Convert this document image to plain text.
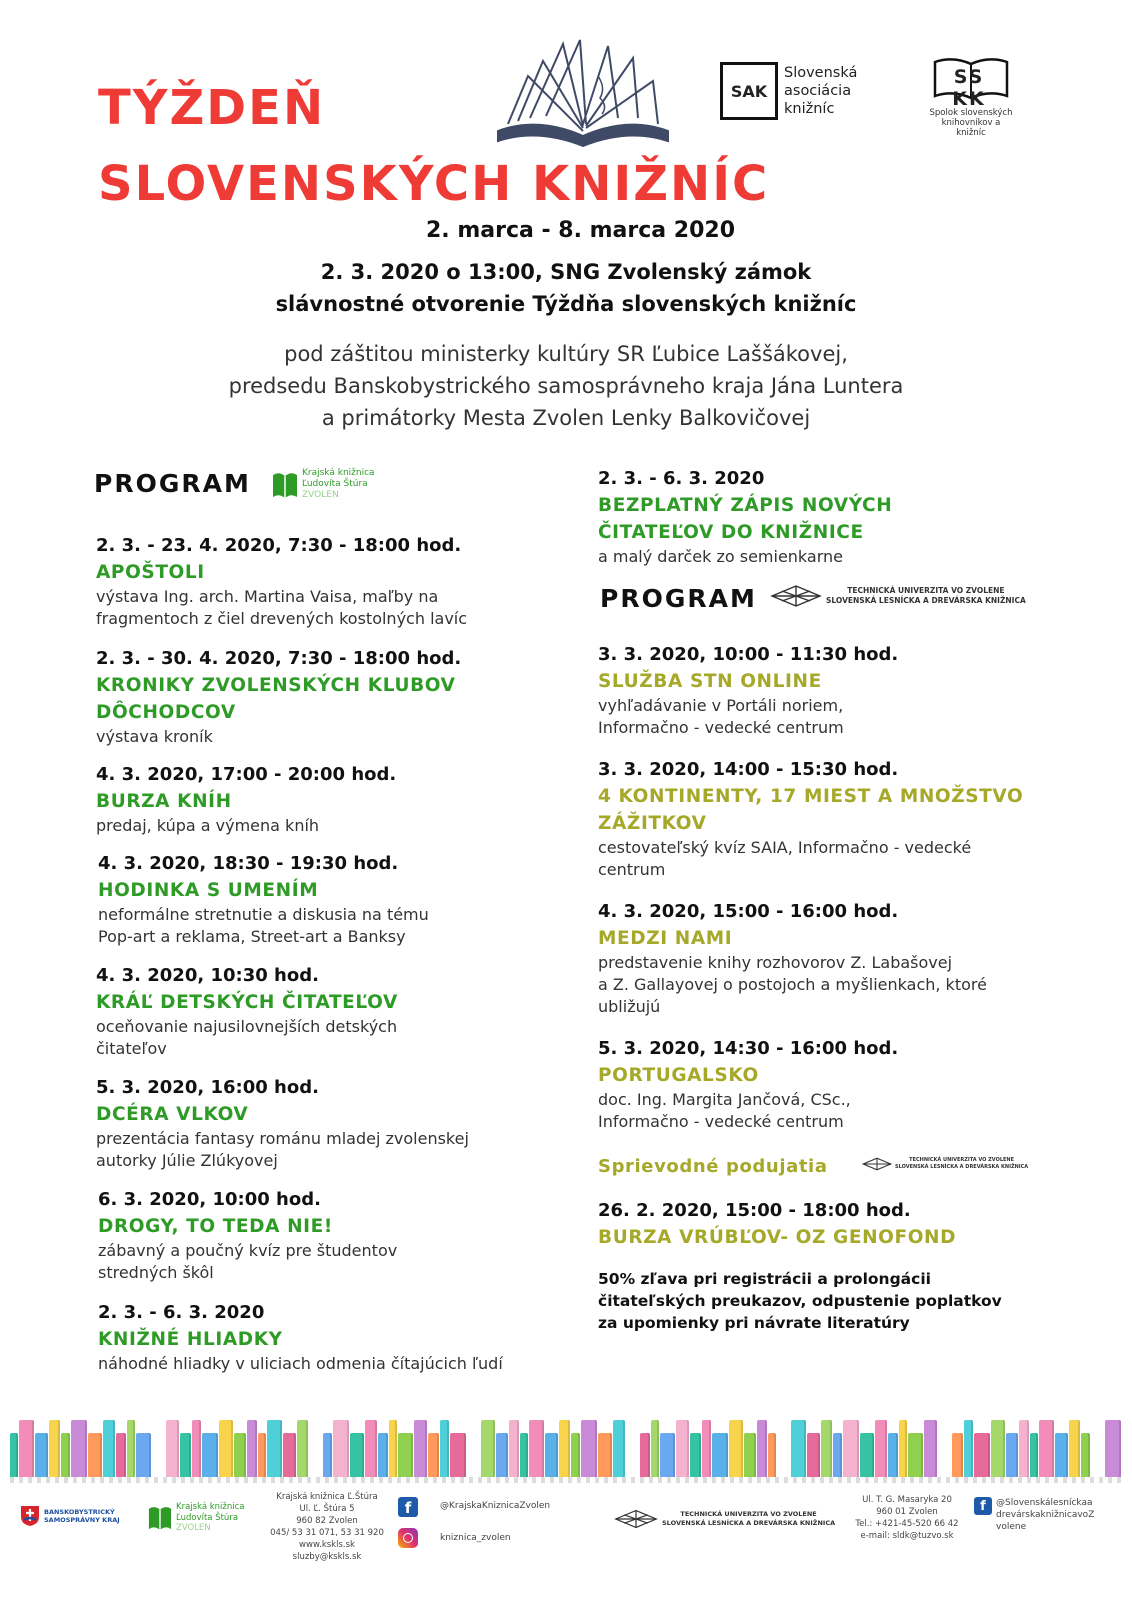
TÝŽDEŇ
SLOVENSKÝCH KNIŽNÍC
SAK
Slovenská
asociácia
knižníc
SS KK
Spolok slovenských
knihovníkov a knižníc
2. marca - 8. marca 2020
2. 3. 2020 o 13:00, SNG Zvolenský zámok
slávnostné otvorenie Týždňa slovenských knižníc
pod záštitou ministerky kultúry SR Ľubice Laššákovej,
predsedu Banskobystrického samosprávneho kraja Jána Luntera
a primátorky Mesta Zvolen Lenky Balkovičovej
PROGRAM	Krajská knižnica
Ľudovíta Štúra
ZVOLEN
2. 3. - 23. 4. 2020, 7:30 - 18:00 hod.
APOŠTOLI
výstava Ing. arch. Martina Vaisa, maľby na
fragmentoch z čiel drevených kostolných lavíc
2. 3. - 30. 4. 2020, 7:30 - 18:00 hod.
KRONIKY ZVOLENSKÝCH KLUBOV
DÔCHODCOV
výstava kroník
4. 3. 2020, 17:00 - 20:00 hod.
BURZA KNÍH
predaj, kúpa a výmena kníh
4. 3. 2020, 18:30 - 19:30 hod.
HODINKA S UMENÍM
neformálne stretnutie a diskusia na tému
Pop-art a reklama, Street-art a Banksy
4. 3. 2020, 10:30 hod.
KRÁĽ DETSKÝCH ČITATEĽOV
oceňovanie najusilovnejších detských
čitateľov
5. 3. 2020, 16:00 hod.
DCÉRA VLKOV
prezentácia fantasy románu mladej zvolenskej
autorky Júlie Zlúkyovej
6. 3. 2020, 10:00 hod.
DROGY, TO TEDA NIE!
zábavný a poučný kvíz pre študentov
stredných škôl
2. 3. - 6. 3. 2020
KNIŽNÉ HLIADKY
náhodné hliadky v uliciach odmenia čítajúcich ľudí
2. 3. - 6. 3. 2020
BEZPLATNÝ ZÁPIS NOVÝCH
ČITATEĽOV DO KNIŽNICE
a malý darček zo semienkarne
PROGRAM	TECHNICKÁ UNIVERZITA VO ZVOLENE
SLOVENSKÁ LESNÍCKA A DREVÁRSKA KNIŽNICA
3. 3. 2020, 10:00 - 11:30 hod.
SLUŽBA STN ONLINE
vyhľadávanie v Portáli noriem,
Informačno - vedecké centrum
3. 3. 2020, 14:00 - 15:30 hod.
4 KONTINENTY, 17 MIEST A MNOŽSTVO
ZÁŽITKOV
cestovateľský kvíz SAIA, Informačno - vedecké
centrum
4. 3. 2020, 15:00 - 16:00 hod.
MEDZI NAMI
predstavenie knihy rozhovorov Z. Labašovej
a Z. Gallayovej o postojoch a myšlienkach, ktoré
ubližujú
5. 3. 2020, 14:30 - 16:00 hod.
PORTUGALSKO
doc. Ing. Margita Jančová, CSc.,
Informačno - vedecké centrum
Sprievodné podujatia	TECHNICKÁ UNIVERZITA VO ZVOLENE
SLOVENSKÁ LESNÍCKA A DREVÁRSKA KNIŽNICA
26. 2. 2020, 15:00 - 18:00 hod.
BURZA VRÚBĽOV- OZ GENOFOND
50% zľava pri registrácii a prolongácii
čitateľských preukazov, odpustenie poplatkov
za upomienky pri návrate literatúry
BANSKOBYSTRICKÝ
SAMOSPRÁVNY KRAJ
Krajská knižnica
Ľudovíta Štúra
ZVOLEN
Krajská knižnica Ľ.Štúra
Ul. Ľ. Štúra 5
960 82 Zvolen
045/ 53 31 071, 53 31 920
www.kskls.sk
sluzby@kskls.sk
f	@KrajskaKniznicaZvolen
kniznica_zvolen
TECHNICKÁ UNIVERZITA VO ZVOLENE
SLOVENSKÁ LESNÍCKA A DREVÁRSKA KNIŽNICA
Ul. T. G. Masaryka 20
960 01 Zvolen
Tel.: +421-45-520 66 42
e-mail: sldk@tuzvo.sk
f	@Slovenskálesníckaa
drevárskaknižnicavoZ
volene
